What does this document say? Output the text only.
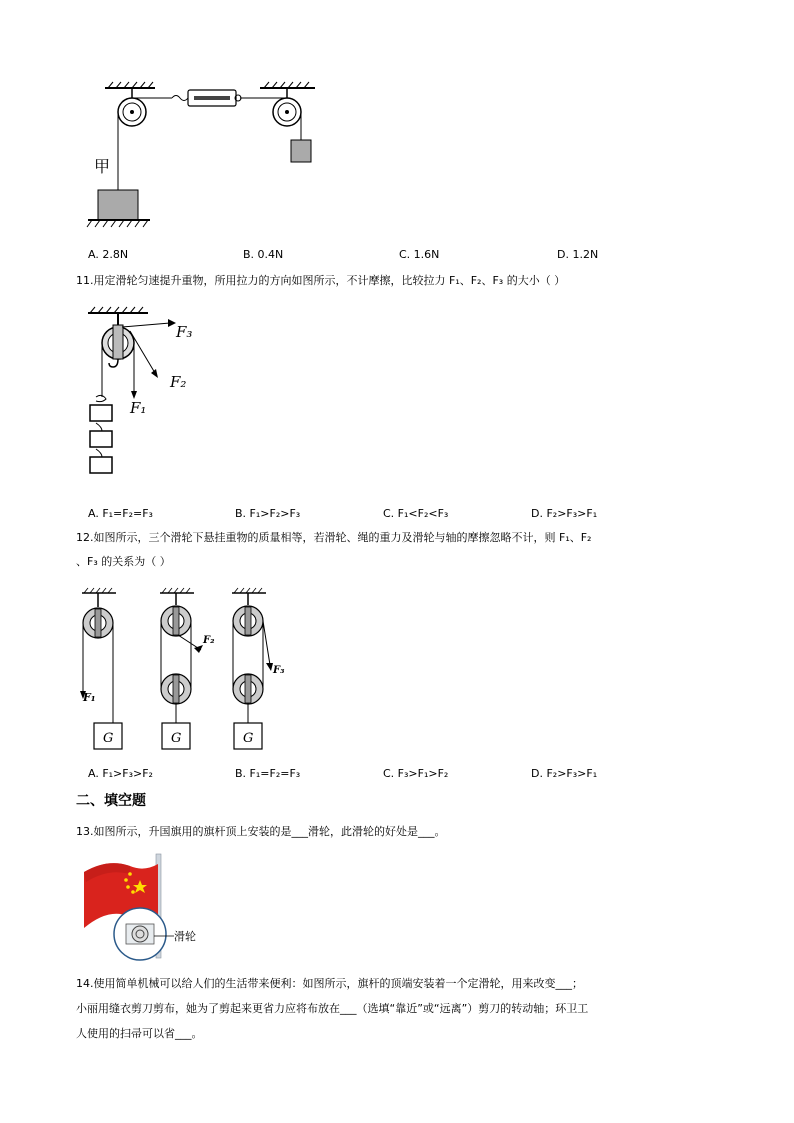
甲
A. 2.8N	B. 0.4N	C. 1.6N	D. 1.2N
11.用定滑轮匀速提升重物，所用拉力的方向如图所示，不计摩擦，比较拉力 F₁、F₂、F₃ 的大小（ ）
F₃
F₂
F₁
A. F₁=F₂=F₃	B. F₁>F₂>F₃	C. F₁<F₂<F₃	D. F₂>F₃>F₁
12.如图所示，三个滑轮下悬挂重物的质量相等，若滑轮、绳的重力及滑轮与轴的摩擦忽略不计，则 F₁、F₂
、F₃ 的关系为（ ）
F₁
G
F₂
G
F₃
G
A. F₁>F₃>F₂	B. F₁=F₂=F₃	C. F₃>F₁>F₂	D. F₂>F₃>F₁
二、填空题
13.如图所示，升国旗用的旗杆顶上安装的是___滑轮，此滑轮的好处是___。
滑轮
14.使用简单机械可以给人们的生活带来便利：如图所示，旗杆的顶端安装着一个定滑轮，用来改变___；
小丽用缝衣剪刀剪布，她为了剪起来更省力应将布放在___（选填“靠近”或“远离”）剪刀的转动轴；环卫工
人使用的扫帚可以省___。
